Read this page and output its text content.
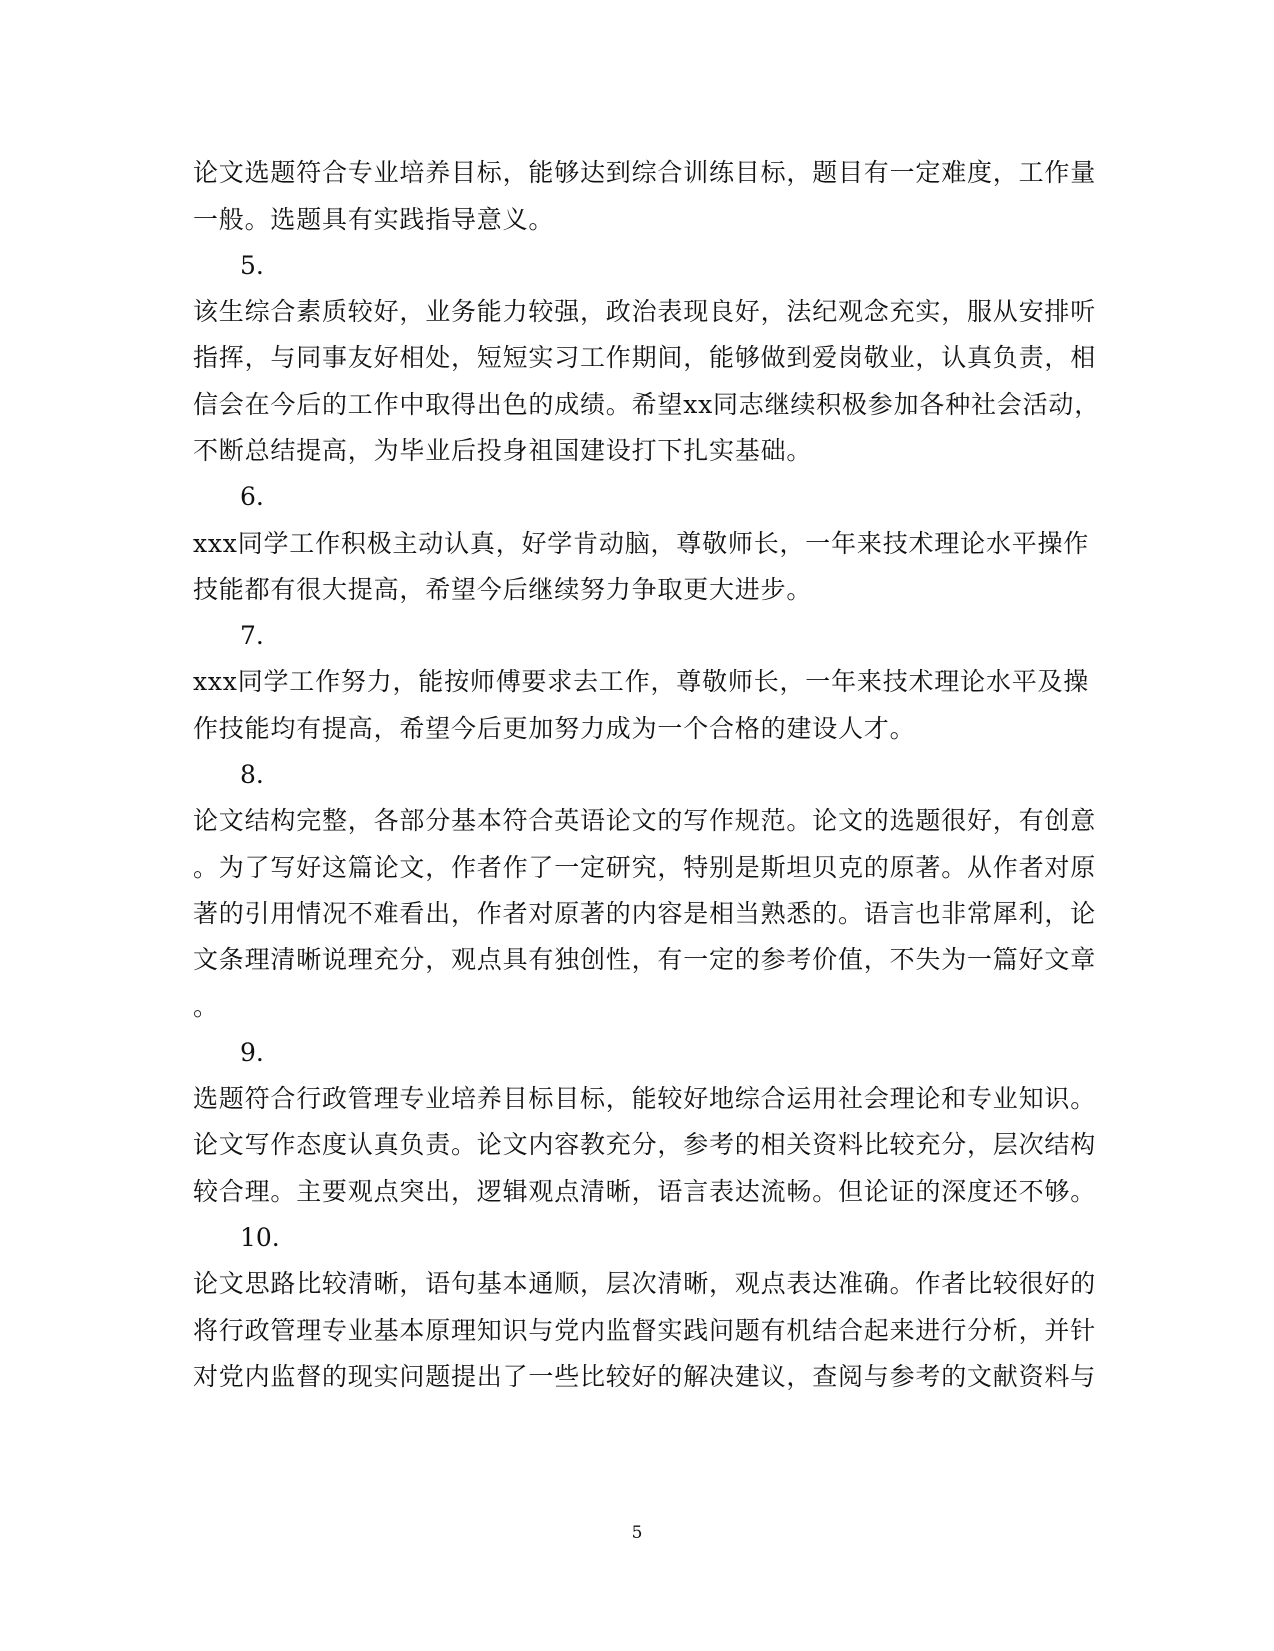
论文选题符合专业培养目标，能够达到综合训练目标，题目有一定难度，工作量
一般。选题具有实践指导意义。
5.
该生综合素质较好，业务能力较强，政治表现良好，法纪观念充实，服从安排听
指挥，与同事友好相处，短短实习工作期间，能够做到爱岗敬业，认真负责，相
信会在今后的工作中取得出色的成绩。希望xx同志继续积极参加各种社会活动，
不断总结提高，为毕业后投身祖国建设打下扎实基础。
6.
xxx同学工作积极主动认真，好学肯动脑，尊敬师长，一年来技术理论水平操作
技能都有很大提高，希望今后继续努力争取更大进步。
7.
xxx同学工作努力，能按师傅要求去工作，尊敬师长，一年来技术理论水平及操
作技能均有提高，希望今后更加努力成为一个合格的建设人才。
8.
论文结构完整，各部分基本符合英语论文的写作规范。论文的选题很好，有创意
。为了写好这篇论文，作者作了一定研究，特别是斯坦贝克的原著。从作者对原
著的引用情况不难看出，作者对原著的内容是相当熟悉的。语言也非常犀利，论
文条理清晰说理充分，观点具有独创性，有一定的参考价值，不失为一篇好文章
。
9.
选题符合行政管理专业培养目标目标，能较好地综合运用社会理论和专业知识。
论文写作态度认真负责。论文内容教充分，参考的相关资料比较充分，层次结构
较合理。主要观点突出，逻辑观点清晰，语言表达流畅。但论证的深度还不够。
10.
论文思路比较清晰，语句基本通顺，层次清晰，观点表达准确。作者比较很好的
将行政管理专业基本原理知识与党内监督实践问题有机结合起来进行分析，并针
对党内监督的现实问题提出了一些比较好的解决建议，查阅与参考的文献资料与
5
